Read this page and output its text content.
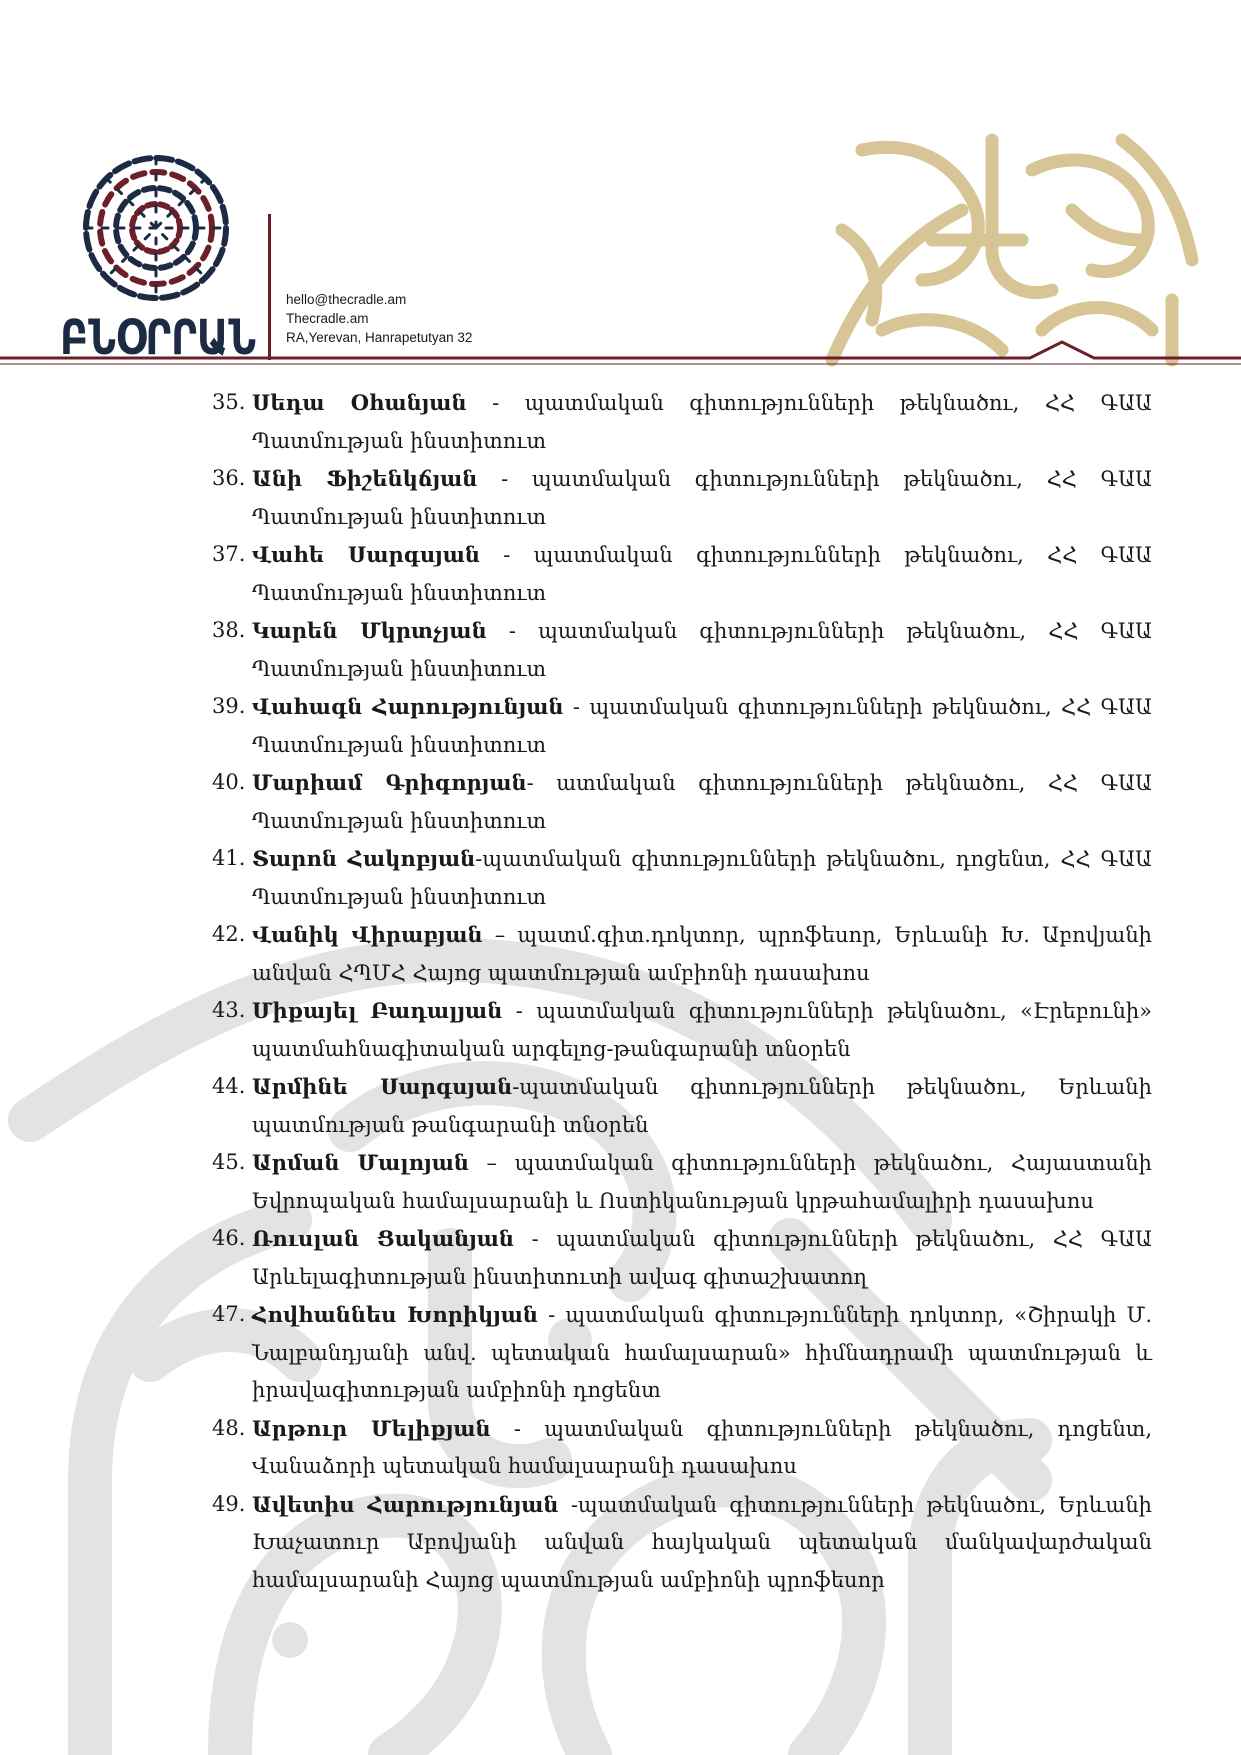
ԲՆՕՐՐԱՆ
hello@thecradle.am
Thecradle.am
RA,Yerevan, Hanrapetutyan 32
35. Սեդա Օհանյան - պատմական գիտությունների թեկնածու, ՀՀ ԳԱԱ Պատմության ինստիտուտ
36. Անի Ֆիշենկճյան - պատմական գիտությունների թեկնածու, ՀՀ ԳԱԱ Պատմության ինստիտուտ
37. Վահե Սարգսյան - պատմական գիտությունների թեկնածու, ՀՀ ԳԱԱ Պատմության ինստիտուտ
38. Կարեն Մկրտչյան - պատմական գիտությունների թեկնածու, ՀՀ ԳԱԱ Պատմության ինստիտուտ
39. Վահագն Հարությունյան - պատմական գիտությունների թեկնածու, ՀՀ ԳԱԱ Պատմության ինստիտուտ
40. Մարիամ Գրիգորյան- ատմական գիտությունների թեկնածու, ՀՀ ԳԱԱ Պատմության ինստիտուտ
41. Տարոն Հակոբյան-պատմական գիտությունների թեկնածու, դոցենտ, ՀՀ ԳԱԱ Պատմության ինստիտուտ
42. Վանիկ Վիրաբյան – պատմ.գիտ.դոկտոր, պրոֆեսոր, Երևանի Խ. Աբովյանի անվան ՀՊՄՀ Հայոց պատմության ամբիոնի դասախոս
43. Միքայել Բադալյան - պատմական գիտությունների թեկնածու, «Էրեբունի» պատմահնագիտական արգելոց-թանգարանի տնօրեն
44. Արմինե Սարգսյան-պատմական գիտությունների թեկնածու, Երևանի պատմության թանգարանի տնօրեն
45. Արման Մալոյան – պատմական գիտությունների թեկնածու, Հայաստանի Եվրոպական համալսարանի և Ոստիկանության կրթահամալիրի դասախոս
46. Ռուսլան Ցականյան - պատմական գիտությունների թեկնածու, ՀՀ ԳԱԱ Արևելագիտության ինստիտուտի ավագ գիտաշխատող
47. Հովհաննես Խորիկյան - պատմական գիտությունների դոկտոր, «Շիրակի Մ. Նալբանդյանի անվ. պետական համալսարան» հիմնադրամի պատմության և իրավագիտության ամբիոնի դոցենտ
48. Արթուր Մելիքյան - պատմական գիտությունների թեկնածու, դոցենտ, Վանաձորի պետական համալսարանի դասախոս
49. Ավետիս Հարությունյան -պատմական գիտությունների թեկնածու, Երևանի Խաչատուր Աբովյանի անվան հայկական պետական մանկավարժական համալսարանի Հայոց պատմության ամբիոնի պրոֆեսոր
